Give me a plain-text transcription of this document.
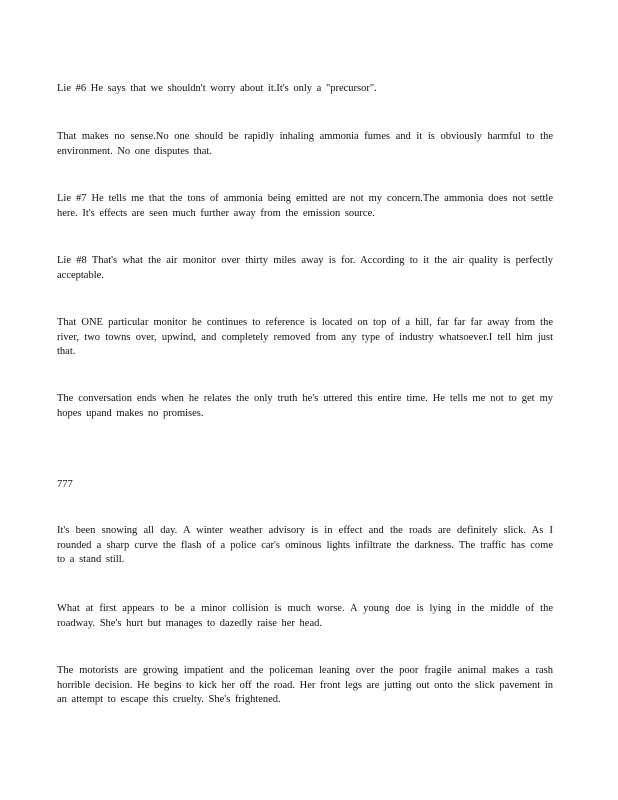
Lie #6 He says that we shouldn't worry about it.It's only a "precursor".

That makes no sense.No one should be rapidly inhaling ammonia fumes and it is obviously harmful to the environment. No one disputes that.

Lie #7 He tells me that the tons of ammonia being emitted are not my concern.The ammonia does not settle here. It's effects are seen much further away from the emission source.

Lie #8 That's what the air monitor over thirty miles away is for. According to it the air quality is perfectly acceptable.

That ONE particular monitor he continues to reference is located on top of a hill, far far far away from the river, two towns over, upwind, and completely removed from any type of industry whatsoever.I tell him just that.

The conversation ends when he relates the only truth he's uttered this entire time. He tells me not to get my hopes upand makes no promises.

777

It's been snowing all day. A winter weather advisory is in effect and the roads are definitely slick. As I rounded a sharp curve the flash of a police car's ominous lights infiltrate the darkness. The traffic has come to a stand still.

What at first appears to be a minor collision is much worse. A young doe is lying in the middle of the roadway. She's hurt but manages to dazedly raise her head.

The motorists are growing impatient and the policeman leaning over the poor fragile animal makes a rash horrible decision. He begins to kick her off the road. Her front legs are jutting out onto the slick pavement in an attempt to escape this cruelty. She's frightened.
